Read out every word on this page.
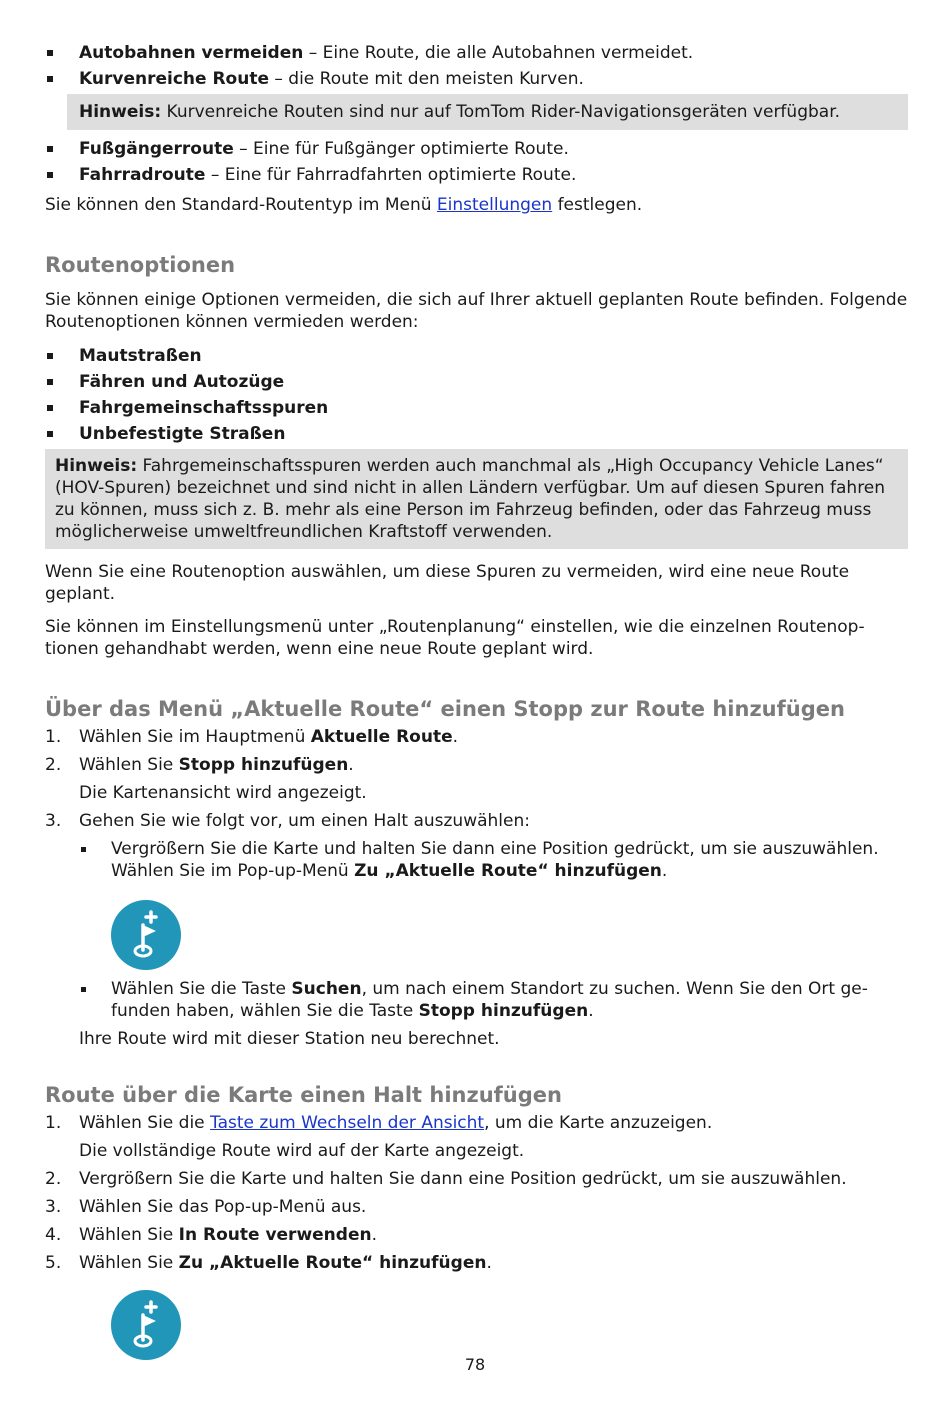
Autobahnen vermeiden – Eine Route, die alle Autobahnen vermeidet.
Kurvenreiche Route – die Route mit den meisten Kurven.
Hinweis: Kurvenreiche Routen sind nur auf TomTom Rider-Navigationsgeräten verfügbar.
Fußgängerroute – Eine für Fußgänger optimierte Route.
Fahrradroute – Eine für Fahrradfahrten optimierte Route.
Sie können den Standard-Routentyp im Menü Einstellungen festlegen.
Routenoptionen
Sie können einige Optionen vermeiden, die sich auf Ihrer aktuell geplanten Route befinden. Folgende Routenoptionen können vermieden werden:
Mautstraßen
Fähren und Autozüge
Fahrgemeinschaftsspuren
Unbefestigte Straßen
Hinweis: Fahrgemeinschaftsspuren werden auch manchmal als „High Occupancy Vehicle Lanes“ (HOV-Spuren) bezeichnet und sind nicht in allen Ländern verfügbar. Um auf diesen Spuren fahren zu können, muss sich z. B. mehr als eine Person im Fahrzeug befinden, oder das Fahrzeug muss möglicherweise umweltfreundlichen Kraftstoff verwenden.
Wenn Sie eine Routenoption auswählen, um diese Spuren zu vermeiden, wird eine neue Route geplant.
Sie können im Einstellungsmenü unter „Routenplanung“ einstellen, wie die einzelnen Routenop-tionen gehandhabt werden, wenn eine neue Route geplant wird.
Über das Menü „Aktuelle Route“ einen Stopp zur Route hinzufügen
1. Wählen Sie im Hauptmenü Aktuelle Route.
2. Wählen Sie Stopp hinzufügen.
Die Kartenansicht wird angezeigt.
3. Gehen Sie wie folgt vor, um einen Halt auszuwählen:
Vergrößern Sie die Karte und halten Sie dann eine Position gedrückt, um sie auszuwählen. Wählen Sie im Pop-up-Menü Zu „Aktuelle Route“ hinzufügen.
Wählen Sie die Taste Suchen, um nach einem Standort zu suchen. Wenn Sie den Ort ge-funden haben, wählen Sie die Taste Stopp hinzufügen.
Ihre Route wird mit dieser Station neu berechnet.
Route über die Karte einen Halt hinzufügen
1. Wählen Sie die Taste zum Wechseln der Ansicht, um die Karte anzuzeigen.
Die vollständige Route wird auf der Karte angezeigt.
2. Vergrößern Sie die Karte und halten Sie dann eine Position gedrückt, um sie auszuwählen.
3. Wählen Sie das Pop-up-Menü aus.
4. Wählen Sie In Route verwenden.
5. Wählen Sie Zu „Aktuelle Route“ hinzufügen.
78
